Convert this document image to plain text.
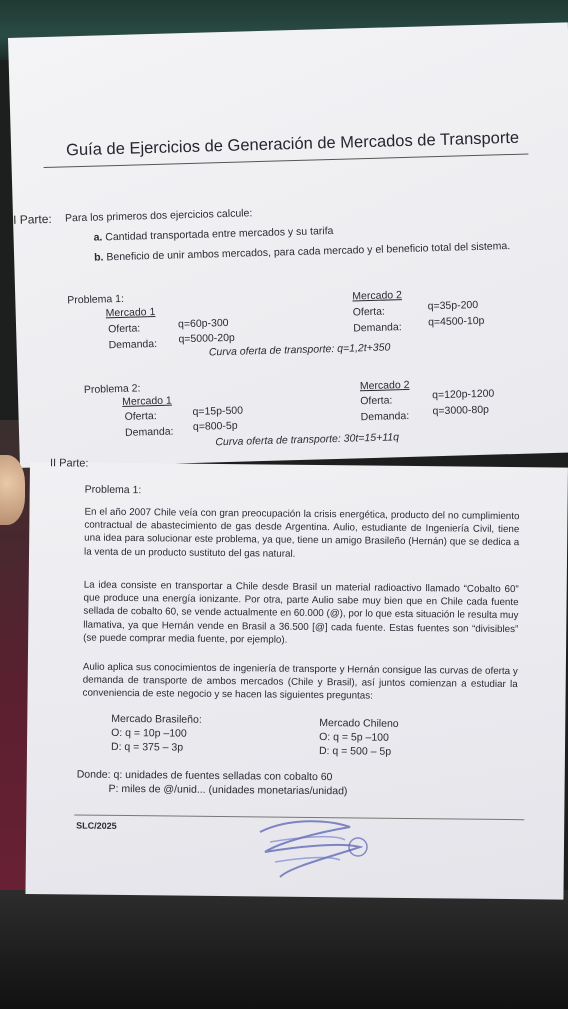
Guía de Ejercicios de Generación de Mercados de Transporte
I Parte: Para los primeros dos ejercicios calcule:
a. Cantidad transportada entre mercados y su tarifa
b. Beneficio de unir ambos mercados, para cada mercado y el beneficio total del sistema.
Problema 1:
Mercado 1
Oferta:	q=60p-300
Demanda: q=5000-20p
Mercado 2
Oferta:	q=35p-200
Demanda: q=4500-10p
Curva oferta de transporte: q=1,2t+350
Problema 2:
Mercado 1
Oferta:	q=15p-500
Demanda: q=800-5p
Mercado 2
Oferta:	q=120p-1200
Demanda: q=3000-80p
Curva oferta de transporte: 30t=15+11q
II Parte:
Problema 1:
En el año 2007 Chile veía con gran preocupación la crisis energética, producto del no cumplimiento contractual de abastecimiento de gas desde Argentina. Aulio, estudiante de Ingeniería Civil, tiene una idea para solucionar este problema, ya que, tiene un amigo Brasileño (Hernán) que se dedica a la venta de un producto sustituto del gas natural.
La idea consiste en transportar a Chile desde Brasil un material radioactivo llamado “Cobalto 60” que produce una energía ionizante. Por otra, parte Aulio sabe muy bien que en Chile cada fuente sellada de cobalto 60, se vende actualmente en 60.000 (@), por lo que esta situación le resulta muy llamativa, ya que Hernán vende en Brasil a 36.500 [@] cada fuente. Estas fuentes son “divisibles” (se puede comprar media fuente, por ejemplo).
Aulio aplica sus conocimientos de ingeniería de transporte y Hernán consigue las curvas de oferta y demanda de transporte de ambos mercados (Chile y Brasil), así juntos comienzan a estudiar la conveniencia de este negocio y se hacen las siguientes preguntas:
Mercado Brasileño:
O: q = 10p –100
D: q = 375 – 3p
Mercado Chileno
O: q = 5p –100
D: q = 500 – 5p
Donde: q: unidades de fuentes selladas con cobalto 60
P: miles de @/unid... (unidades monetarias/unidad)
SLC/2025
